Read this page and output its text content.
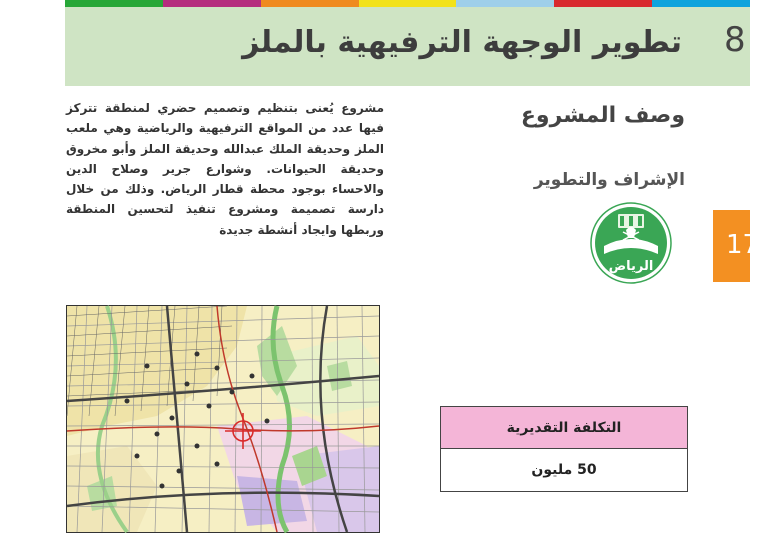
تطوير الوجهة الترفيهية بالملز 8
وصف المشروع
الإشراف والتطوير
الرياض
17
مشروع يُعنى بتنظيم وتصميم حضري لمنطقة تتركز فيها عدد من المواقع الترفيهية والرياضية وهي ملعب الملز وحديقة الملك عبدالله وحديقة الملز وأبو مخروق وحديقة الحيوانات. وشوارع جرير وصلاح الدين والاحساء بوجود محطة قطار الرياض. وذلك من خلال دارسة تصميمة ومشروع تنفيذ لتحسين المنطقة وربطها وايجاد أنشطة جديدة
التكلفة التقديرية
50 مليون
